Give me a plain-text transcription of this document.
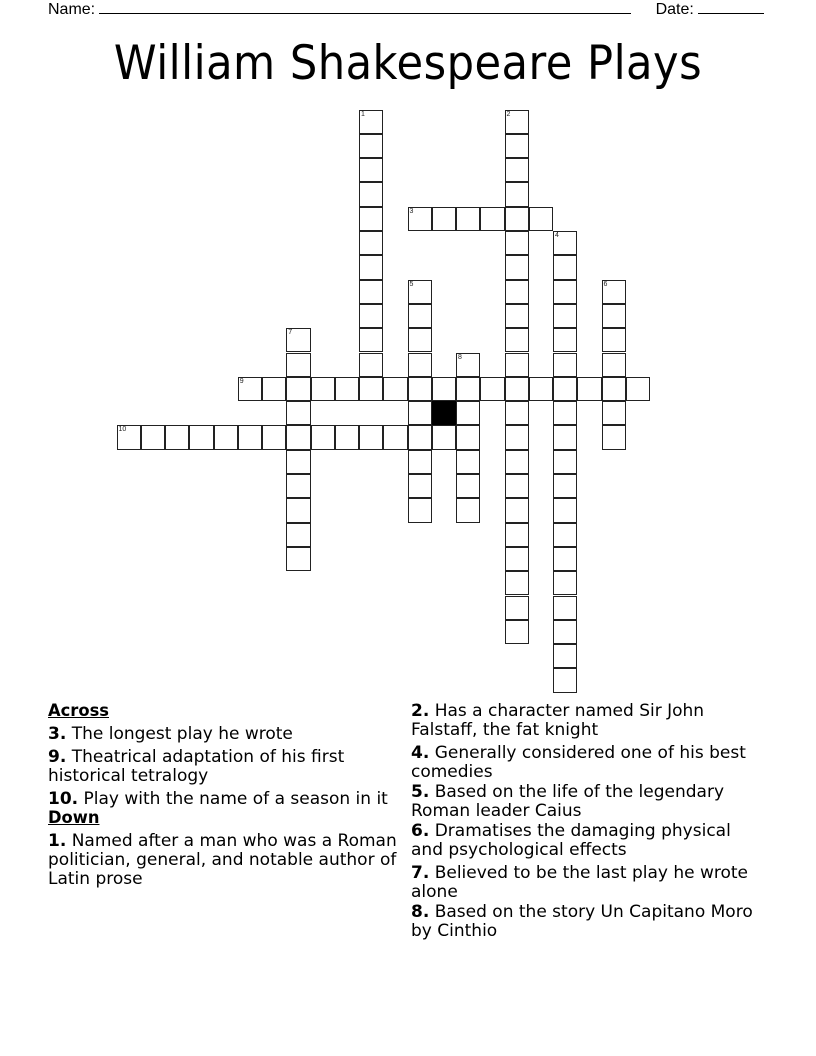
Name:	Date:
William Shakespeare Plays
1	2
3
4
5	6
7
8
9
10
Across
3. The longest play he wrote
9. Theatrical adaptation of his first historical tetralogy
10. Play with the name of a season in it
Down
1. Named after a man who was a Roman politician, general, and notable author of Latin prose
2. Has a character named Sir John Falstaff, the fat knight
4. Generally considered one of his best comedies
5. Based on the life of the legendary Roman leader Caius
6. Dramatises the damaging physical and psychological effects
7. Believed to be the last play he wrote alone
8. Based on the story Un Capitano Moro by Cinthio
